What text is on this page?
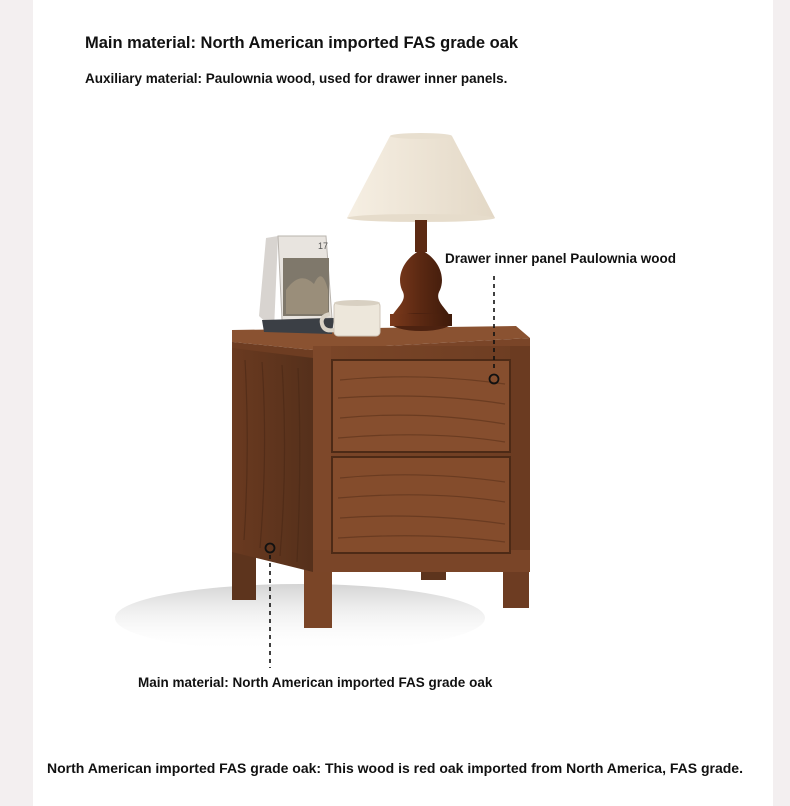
17
Main material: North American imported FAS grade oak
Auxiliary material: Paulownia wood, used for drawer inner panels.
Drawer inner panel Paulownia wood
Main material: North American imported FAS grade oak
North American imported FAS grade oak: This wood is red oak imported from North America, FAS grade.
